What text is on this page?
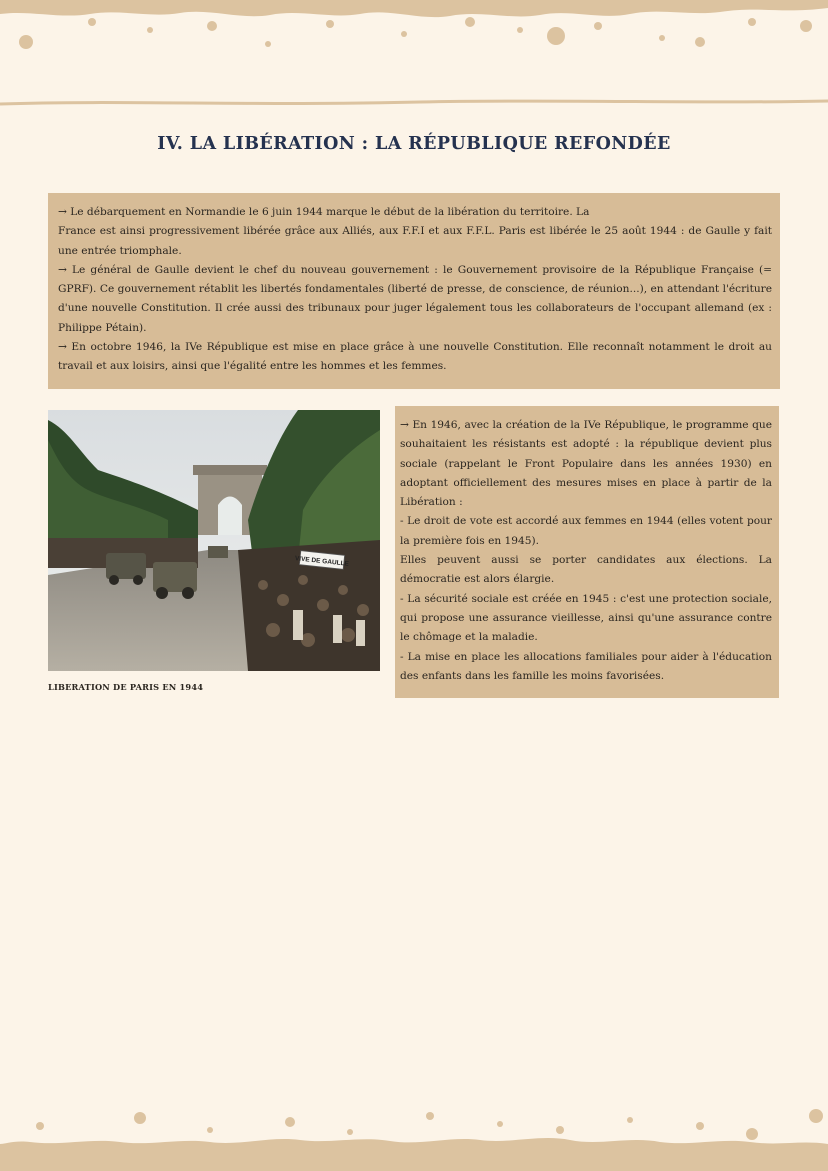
IV. LA LIBÉRATION : LA RÉPUBLIQUE REFONDÉE

→ Le débarquement en Normandie le 6 juin 1944 marque le début de la libération du territoire. La

France est ainsi progressivement libérée grâce aux Alliés, aux F.F.I et aux F.F.L. Paris est libérée le 25 août 1944 : de Gaulle y fait une entrée triomphale.

→ Le général de Gaulle devient le chef du nouveau gouvernement : le Gouvernement provisoire de la République Française (= GPRF). Ce gouvernement rétablit les libertés fondamentales (liberté de presse, de conscience, de réunion...), en attendant l'écriture d'une nouvelle Constitution. Il crée aussi des tribunaux pour juger légalement tous les collaborateurs de l'occupant allemand (ex : Philippe Pétain).

→ En octobre 1946, la IVe République est mise en place grâce à une nouvelle Constitution. Elle reconnaît notamment le droit au travail et aux loisirs, ainsi que l'égalité entre les hommes et les femmes.

VIVE DE GAULLE
LIBERATION DE PARIS EN 1944

→ En 1946, avec la création de la IVe République, le programme que souhaitaient les résistants est adopté : la république devient plus sociale (rappelant le Front Populaire dans les années 1930) en adoptant officiellement des mesures mises en place à partir de la Libération :

- Le droit de vote est accordé aux femmes en 1944 (elles votent pour la première fois en 1945).

Elles peuvent aussi se porter candidates aux élections. La démocratie est alors élargie.

- La sécurité sociale est créée en 1945 : c'est une protection sociale, qui propose une assurance vieillesse, ainsi qu'une assurance contre le chômage et la maladie.

- La mise en place les allocations familiales pour aider à l'éducation des enfants dans les famille les moins favorisées.
